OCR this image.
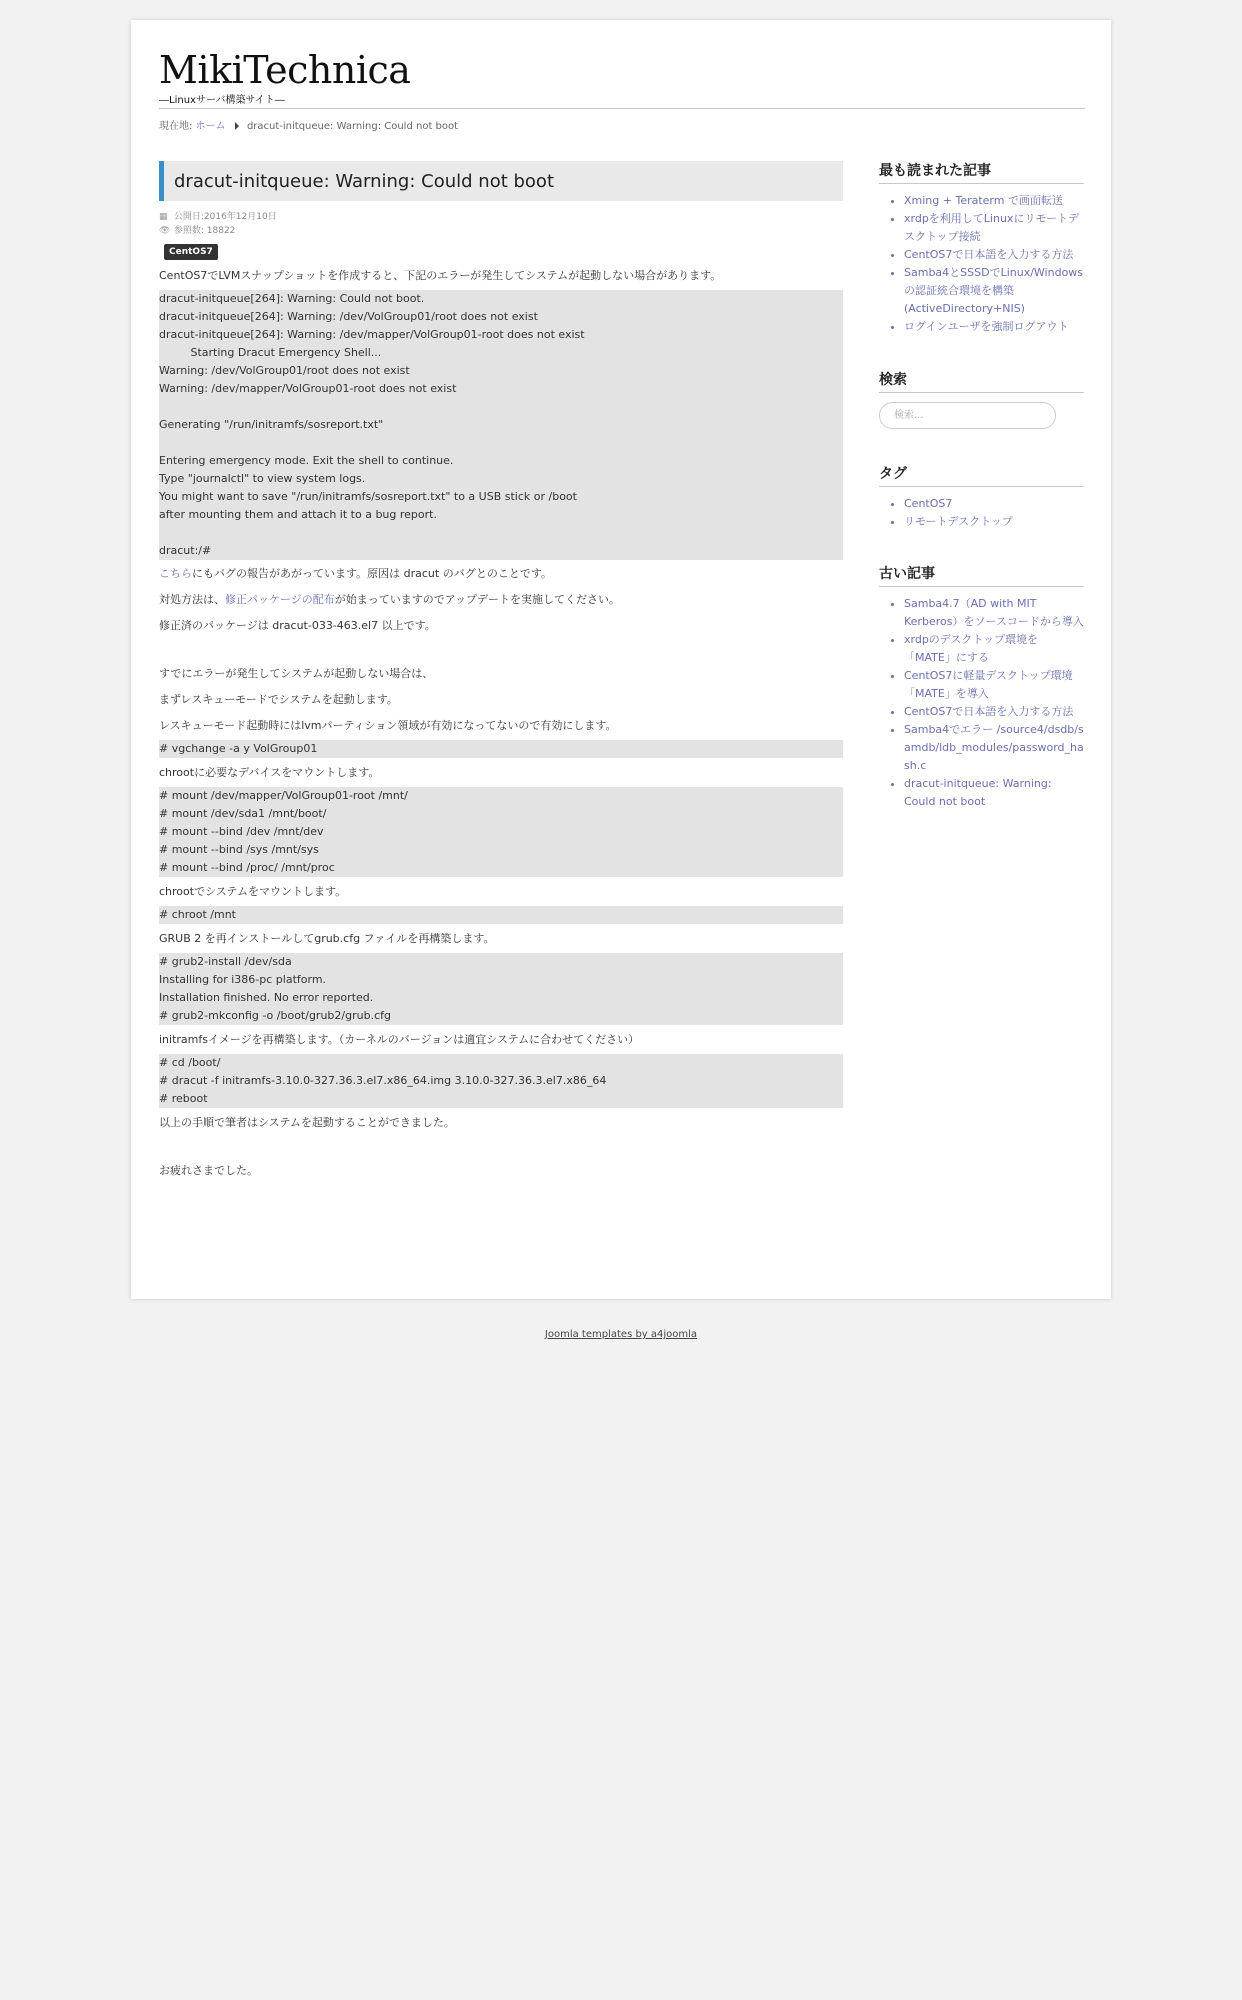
MikiTechnica
―Linuxサーバ構築サイト―
現在地: ホーム dracut-initqueue: Warning: Could not boot
dracut-initqueue: Warning: Could not boot
▦ 公開日:2016年12月10日
👁 参照数: 18822
CentOS7

CentOS7でLVMスナップショットを作成すると、下記のエラーが発生してシステムが起動しない場合があります。

dracut-initqueue[264]: Warning: Could not boot.
dracut-initqueue[264]: Warning: /dev/VolGroup01/root does not exist
dracut-initqueue[264]: Warning: /dev/mapper/VolGroup01-root does not exist
Starting Dracut Emergency Shell...
Warning: /dev/VolGroup01/root does not exist
Warning: /dev/mapper/VolGroup01-root does not exist

Generating "/run/initramfs/sosreport.txt"

Entering emergency mode. Exit the shell to continue.
Type "journalctl" to view system logs.
You might want to save "/run/initramfs/sosreport.txt" to a USB stick or /boot
after mounting them and attach it to a bug report.

dracut:/#

こちらにもバグの報告があがっています。原因は dracut のバグとのことです。

対処方法は、修正パッケージの配布が始まっていますのでアップデートを実施してください。

修正済のパッケージは dracut-033-463.el7 以上です。

すでにエラーが発生してシステムが起動しない場合は、

まずレスキューモードでシステムを起動します。

レスキューモード起動時にはlvmパーティション領域が有効になってないので有効にします。

# vgchange -a y VolGroup01

chrootに必要なデバイスをマウントします。

# mount /dev/mapper/VolGroup01-root /mnt/
# mount /dev/sda1 /mnt/boot/
# mount --bind /dev /mnt/dev
# mount --bind /sys /mnt/sys
# mount --bind /proc/ /mnt/proc

chrootでシステムをマウントします。

# chroot /mnt

GRUB 2 を再インストールしてgrub.cfg ファイルを再構築します。

# grub2-install /dev/sda
Installing for i386-pc platform.
Installation finished. No error reported.
# grub2-mkconfig -o /boot/grub2/grub.cfg

initramfsイメージを再構築します。（カーネルのバージョンは適宜システムに合わせてください）

# cd /boot/
# dracut -f initramfs-3.10.0-327.36.3.el7.x86_64.img 3.10.0-327.36.3.el7.x86_64
# reboot

以上の手順で筆者はシステムを起動することができました。

お疲れさまでした。

最も読まれた記事
• Xming + Teraterm で画面転送
• xrdpを利用してLinuxにリモートデスクトップ接続
• CentOS7で日本語を入力する方法
• Samba4とSSSDでLinux/Windowsの認証統合環境を構築(ActiveDirectory+NIS)
• ログインユーザを強制ログアウト
検索
検索...
タグ
• CentOS7
• リモートデスクトップ
古い記事
• Samba4.7（AD with MIT Kerberos）をソースコードから導入
• xrdpのデスクトップ環境を「MATE」にする
• CentOS7に軽量デスクトップ環境「MATE」を導入
• CentOS7で日本語を入力する方法
• Samba4でエラー /source4/dsdb/samdb/ldb_modules/password_hash.c
• dracut-initqueue: Warning: Could not boot
Joomla templates by a4joomla
